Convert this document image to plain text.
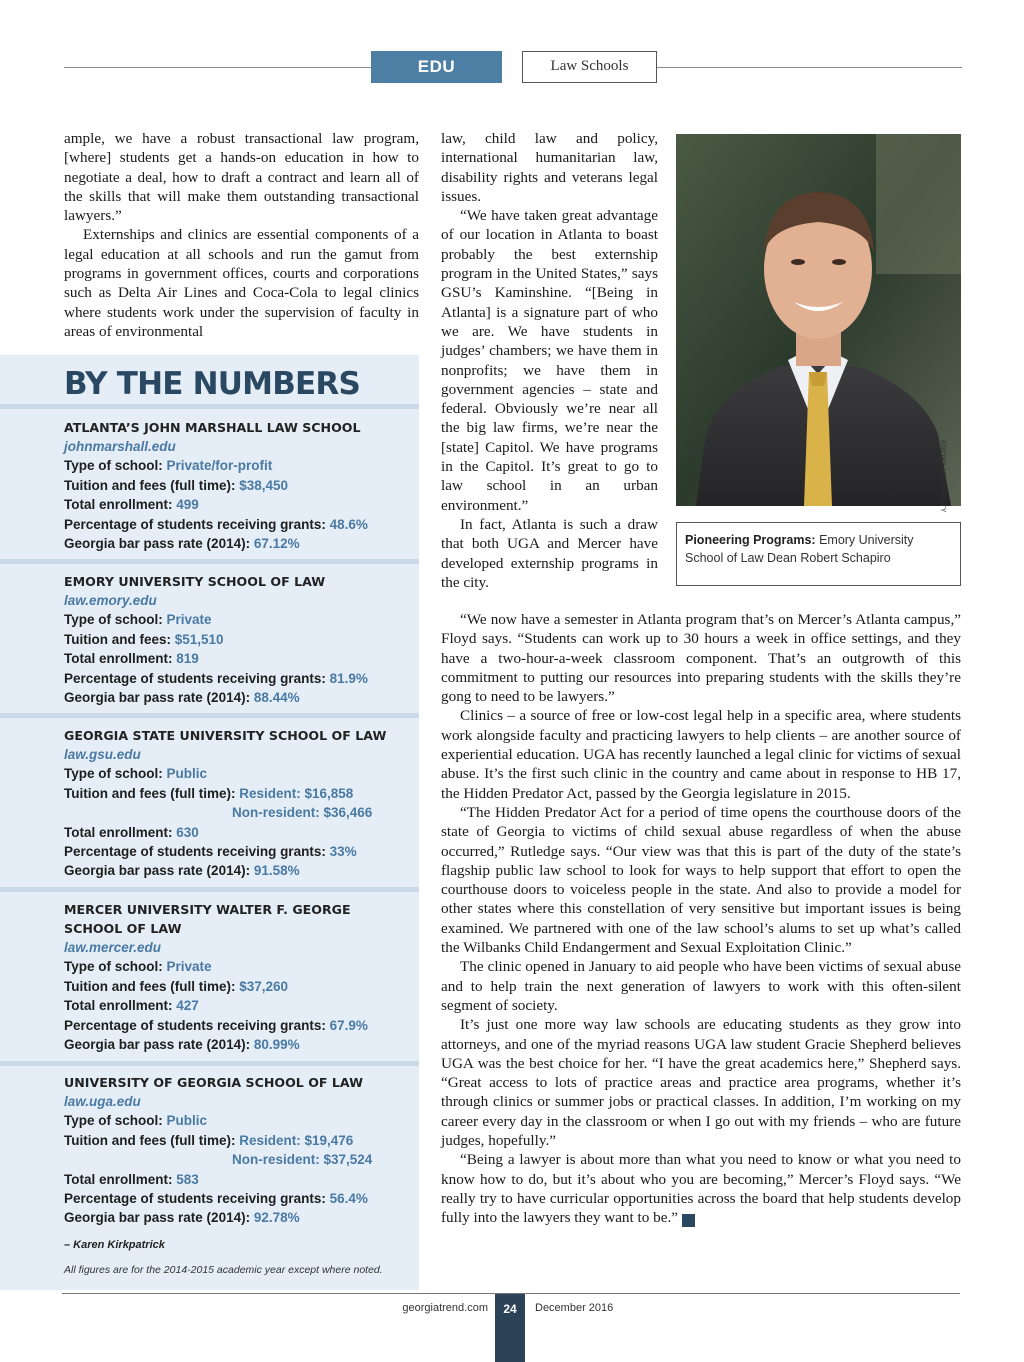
EDU	Law Schools

ample, we have a robust transactional law program, [where] students get a hands-on education in how to negotiate a deal, how to draft a contract and learn all of the skills that will make them outstanding transactional lawyers.”

Externships and clinics are essential components of a legal education at all schools and run the gamut from programs in government offices, courts and corporations such as Delta Air Lines and Coca-Cola to legal clinics where students work under the supervision of faculty in areas of environmental

law, child law and policy, international humanitarian law, disability rights and veterans legal issues.

“We have taken great advantage of our location in Atlanta to boast probably the best externship program in the United States,” says GSU’s Kaminshine. “[Being in Atlanta] is a signature part of who we are. We have students in judges’ chambers; we have them in nonprofits; we have them in government agencies – state and federal. Obviously we’re near all the big law firms, we’re near the [state] Capitol. We have programs in the Capitol. It’s great to go to law school in an urban environment.”

In fact, Atlanta is such a draw that both UGA and Mercer have developed externship programs in the city.

EMORY UNIVERSITY
Pioneering Programs: Emory University School of Law Dean Robert Schapiro

“We now have a semester in Atlanta program that’s on Mercer’s Atlanta campus,” Floyd says. “Students can work up to 30 hours a week in office settings, and they have a two-hour-a-week classroom component. That’s an outgrowth of this commitment to putting our resources into preparing students with the skills they’re gong to need to be lawyers.”

Clinics – a source of free or low-cost legal help in a specific area, where students work alongside faculty and practicing lawyers to help clients – are another source of experiential education. UGA has recently launched a legal clinic for victims of sexual abuse. It’s the first such clinic in the country and came about in response to HB 17, the Hidden Predator Act, passed by the Georgia legislature in 2015.

“The Hidden Predator Act for a period of time opens the courthouse doors of the state of Georgia to victims of child sexual abuse regardless of when the abuse occurred,” Rutledge says. “Our view was that this is part of the duty of the state’s flagship public law school to look for ways to help support that effort to open the courthouse doors to voiceless people in the state. And also to provide a model for other states where this constellation of very sensitive but important issues is being examined. We partnered with one of the law school’s alums to set up what’s called the Wilbanks Child Endangerment and Sexual Exploitation Clinic.”

The clinic opened in January to aid people who have been victims of sexual abuse and to help train the next generation of lawyers to work with this often-silent segment of society.

It’s just one more way law schools are educating students as they grow into attorneys, and one of the myriad reasons UGA law student Gracie Shepherd believes UGA was the best choice for her. “I have the great academics here,” Shepherd says. “Great access to lots of practice areas and practice area programs, whether it’s through clinics or summer jobs or practical classes. In addition, I’m working on my career every day in the classroom or when I go out with my friends – who are future judges, hopefully.”

“Being a lawyer is about more than what you need to know or what you need to know how to do, but it’s about who you are becoming,” Mercer’s Floyd says. “We really try to have curricular opportunities across the board that help students develop fully into the lawyers they want to be.”	M

BY THE NUMBERS
ATLANTA’S JOHN MARSHALL LAW SCHOOL
johnmarshall.edu
Type of school: Private/for-profit
Tuition and fees (full time): $38,450
Total enrollment: 499
Percentage of students receiving grants: 48.6%
Georgia bar pass rate (2014): 67.12%
EMORY UNIVERSITY SCHOOL OF LAW
law.emory.edu
Type of school: Private
Tuition and fees: $51,510
Total enrollment: 819
Percentage of students receiving grants: 81.9%
Georgia bar pass rate (2014): 88.44%
GEORGIA STATE UNIVERSITY SCHOOL OF LAW
law.gsu.edu
Type of school: Public
Tuition and fees (full time): Resident: $16,858
Non-resident: $36,466
Total enrollment: 630
Percentage of students receiving grants: 33%
Georgia bar pass rate (2014): 91.58%
MERCER UNIVERSITY WALTER F. GEORGE
SCHOOL OF LAW
law.mercer.edu
Type of school: Private
Tuition and fees (full time): $37,260
Total enrollment: 427
Percentage of students receiving grants: 67.9%
Georgia bar pass rate (2014): 80.99%
UNIVERSITY OF GEORGIA SCHOOL OF LAW
law.uga.edu
Type of school: Public
Tuition and fees (full time): Resident: $19,476
Non-resident: $37,524
Total enrollment: 583
Percentage of students receiving grants: 56.4%
Georgia bar pass rate (2014): 92.78%
– Karen Kirkpatrick
All figures are for the 2014-2015 academic year except where noted.
georgiatrend.com	24	December 2016
